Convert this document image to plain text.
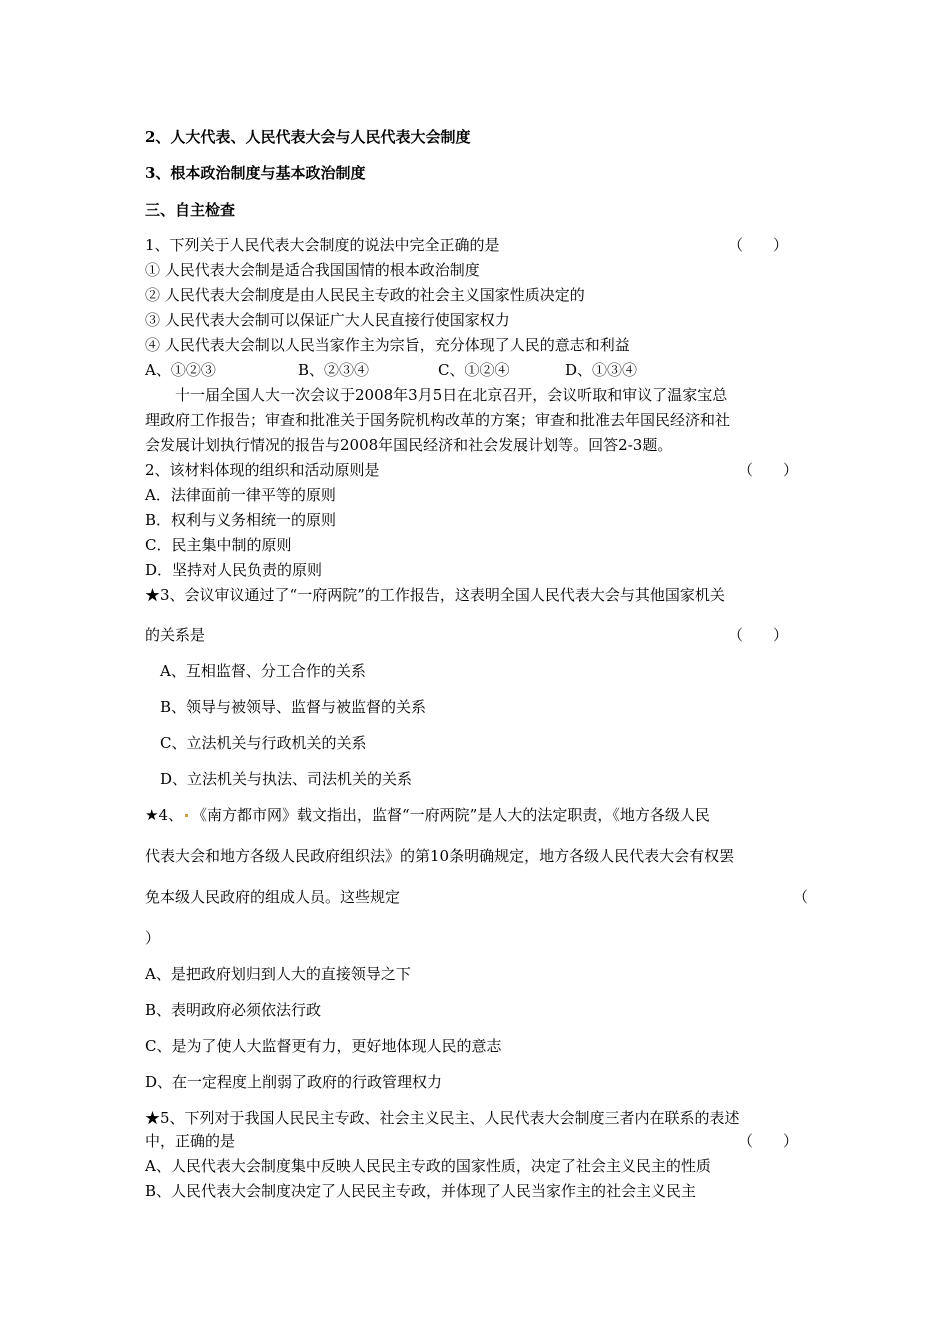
2、人大代表、人民代表大会与人民代表大会制度
3、根本政治制度与基本政治制度
三、自主检查
1、下列关于人民代表大会制度的说法中完全正确的是	（　　）
① 人民代表大会制是适合我国国情的根本政治制度
② 人民代表大会制度是由人民民主专政的社会主义国家性质决定的
③ 人民代表大会制可以保证广大人民直接行使国家权力
④ 人民代表大会制以人民当家作主为宗旨，充分体现了人民的意志和利益
A、①②③	B、②③④	C、①②④	D、①③④
十一届全国人大一次会议于2008年3月5日在北京召开，会议听取和审议了温家宝总
理政府工作报告；审查和批准关于国务院机构改革的方案；审查和批准去年国民经济和社
会发展计划执行情况的报告与2008年国民经济和社会发展计划等。回答2-3题。
2、该材料体现的组织和活动原则是	（　　）
A．法律面前一律平等的原则
B．权利与义务相统一的原则
C．民主集中制的原则
D．坚持对人民负责的原则
★3、会议审议通过了“一府两院”的工作报告，这表明全国人民代表大会与其他国家机关
的关系是	（　　）
A、互相监督、分工合作的关系
B、领导与被领导、监督与被监督的关系
C、立法机关与行政机关的关系
D、立法机关与执法、司法机关的关系
★4、 《南方都市网》载文指出，监督“一府两院”是人大的法定职责，《地方各级人民
代表大会和地方各级人民政府组织法》的第10条明确规定，地方各级人民代表大会有权罢
免本级人民政府的组成人员。这些规定	（
）
A、是把政府划归到人大的直接领导之下
B、表明政府必须依法行政
C、是为了使人大监督更有力，更好地体现人民的意志
D、在一定程度上削弱了政府的行政管理权力
★5、下列对于我国人民民主专政、社会主义民主、人民代表大会制度三者内在联系的表述
中，正确的是	（　　）
A、人民代表大会制度集中反映人民民主专政的国家性质，决定了社会主义民主的性质
B、人民代表大会制度决定了人民民主专政，并体现了人民当家作主的社会主义民主
